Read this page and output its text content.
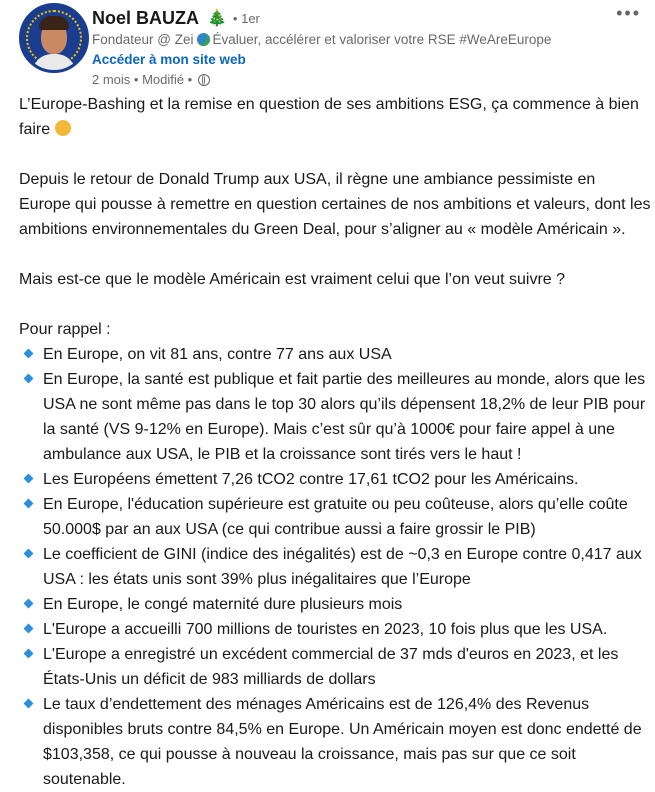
Noel BAUZA 🎄 • 1er
Fondateur @ Zei Évaluer, accélérer et valoriser votre RSE #WeAreEurope
Accéder à mon site web
2 mois • Modifié •
•••

L’Europe-Bashing et la remise en question de ses ambitions ESG, ça commence à bien faire

Depuis le retour de Donald Trump aux USA, il règne une ambiance pessimiste en Europe qui pousse à remettre en question certaines de nos ambitions et valeurs, dont les ambitions environnementales du Green Deal, pour s’aligner au « modèle Américain ».

Mais est-ce que le modèle Américain est vraiment celui que l’on veut suivre ?

Pour rappel :

En Europe, on vit 81 ans, contre 77 ans aux USA
En Europe, la santé est publique et fait partie des meilleures au monde, alors que les USA ne sont même pas dans le top 30 alors qu’ils dépensent 18,2% de leur PIB pour la santé (VS 9-12% en Europe). Mais c’est sûr qu’à 1000€ pour faire appel à une ambulance aux USA, le PIB et la croissance sont tirés vers le haut !
Les Européens émettent 7,26 tCO2 contre 17,61 tCO2 pour les Américains.
En Europe, l'éducation supérieure est gratuite ou peu coûteuse, alors qu’elle coûte 50.000$ par an aux USA (ce qui contribue aussi a faire grossir le PIB)
Le coefficient de GINI (indice des inégalités) est de ~0,3 en Europe contre 0,417 aux USA : les états unis sont 39% plus inégalitaires que l’Europe
En Europe, le congé maternité dure plusieurs mois
L'Europe a accueilli 700 millions de touristes en 2023, 10 fois plus que les USA.
L'Europe a enregistré un excédent commercial de 37 mds d'euros en 2023, et les États-Unis un déficit de 983 milliards de dollars
Le taux d’endettement des ménages Américains est de 126,4% des Revenus disponibles bruts contre 84,5% en Europe. Un Américain moyen est donc endetté de $103,358, ce qui pousse à nouveau la croissance, mais pas sur que ce soit soutenable.
